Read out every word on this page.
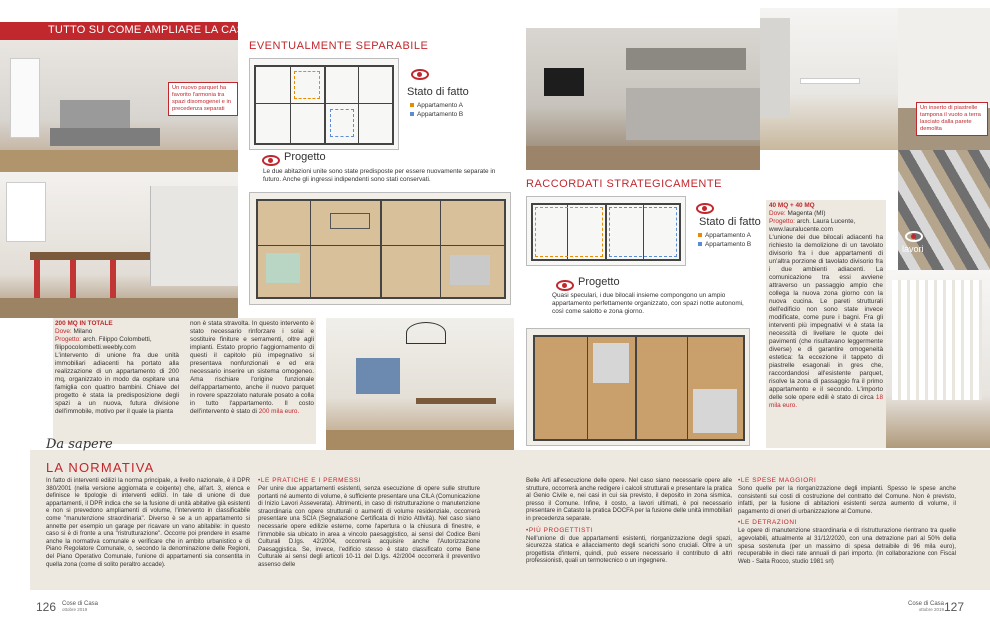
TUTTO SU COME AMPLIARE LA CASA
Un nuovo parquet ha favorito l'armonia tra spazi disomogenei e in precedenza separati
EVENTUALMENTE SEPARABILE
Stato di fatto
Appartamento A
Appartamento B
Progetto
Le due abitazioni unite sono state predisposte per essere nuovamente separate in futuro. Anche gli ingressi indipendenti sono stati conservati.
200 MQ IN TOTALE
Dove: Milano
Progetto: arch. Filippo Colombetti, filippocolombetti.weebly.com

L'intervento di unione fra due unità immobiliari adiacenti ha portato alla realizzazione di un appartamento di 200 mq, organizzato in modo da ospitare una famiglia con quattro bambini. Chiave del progetto è stata la predisposizione degli spazi a un nuova, futura divisione dell'immobile, motivo per il quale la pianta

non è stata stravolta. In questo intervento è stato necessario rinforzare i solai e sostituire finiture e serramenti, oltre agli impianti. Estato proprio l'aggiornamento di questi il capitolo più impegnativo si presentava nonfunzionali e ed era necessario inserire un sistema omogeneo. Ama rischiare l'origine funzionale dell'appartamento, anche il nuovo parquet in rovere spazzolato naturale posato a colla in tutto l'appartamento. Il costo dell'intervento è stato di 200 mila euro.

Un inserto di piastrelle tampona il vuoto a terra lasciato dalla parete demolita
lavori
RACCORDATI STRATEGICAMENTE
Stato di fatto
Appartamento A
Appartamento B
Progetto
Quasi speculari, i due bilocali insieme compongono un ampio appartamento perfettamente organizzato, con spazi notte autonomi, così come salotto e zona giorno.
40 MQ + 40 MQ
Dove: Magenta (MI)
Progetto: arch. Laura Lucente, www.lauralucente.com

L'unione dei due bilocali adiacenti ha richiesto la demolizione di un tavolato divisorio fra i due appartamenti di un'altra porzione di tavolato divisorio fra i due ambienti adiacenti. La comunicazione tra essi avviene attraverso un passaggio ampio che collega la nuova zona giorno con la nuova cucina. Le pareti strutturali dell'edificio non sono state invece modificate, come pure i bagni. Fra gli interventi più impegnativi vi è stata la necessità di livellare le quote dei pavimenti (che risultavano leggermente diverse) e di garantire omogeneità estetica: fa eccezione il tappeto di piastrelle esagonali in gres che, raccordandosi all'esistente parquet, risolve la zona di passaggio fra il primo appartamento e il secondo. L'importo delle sole opere edili è stato di circa 18 mila euro.

Da sapere
LA NORMATIVA

In fatto di interventi edilizi la norma principale, a livello nazionale, è il DPR 380/2001 (nella versione aggiornata e coigente) che, all'art. 3, elenca e definisce le tipologie di interventi edilizi. In tale di unione di due appartamenti, il DPR indica che se la fusione di unità abitative già esistenti e non si prevedono ampliamenti di volume, l'intervento in classificabile come "manutenzione straordinaria". Diverso è se a un appartamento si annette per esempio un garage per ricavare un vano abitabile: in questo caso si è di fronte a una "ristrutturazione". Occorre poi prendere in esame anche la normativa comunale e verificare che in ambito urbanistico e di Piano Regolatore Comunale, o, secondo la denominazione delle Regioni, del Piano Operativo Comunale, l'unione di appartamenti sia consentita in quella zona (come di solito peraltro accade).

•LE PRATICHE E I PERMESSI

Per unire due appartamenti esistenti, senza esecuzione di opere sulle strutture portanti né aumento di volume, è sufficiente presentare una CILA (Comunicazione di Inizio Lavori Asseverata). Altrimenti, in caso di ristrutturazione o manutenzione straordinaria con opere strutturali o aumenti di volume residenziale, occorrerà presentare una SCIA (Segnalazione Certificata di Inizio Attività). Nel caso siano necessarie opere edilizie esterne, come l'apertura o la chiusura di finestre, e l'immobile sia ubicato in area a vincolo paesaggistico, ai sensi del Codice Beni Culturali D.lgs. 42/2004, occorrerà acquisire anche l'Autorizzazione Paesaggistica. Se, invece, l'edificio stesso è stato classificato come Bene Culturale ai sensi degli articoli 10-11 del D.lgs. 42/2004 occorrerà il preventivo assenso delle

Belle Arti all'esecuzione delle opere. Nel caso siano necessarie opere alle strutture, occorrerà anche redigere i calcoli strutturali e presentare la pratica al Genio Civile e, nei casi in cui sia previsto, il deposito in zona sismica, presso il Comune. Infine, il costo, a lavori ultimati, è poi necessario presentare in Catasto la pratica DOCFA per la fusione delle unità immobiliari in precedenza separate.

•PIÙ PROGETTISTI

Nell'unione di due appartamenti esistenti, riorganizzazione degli spazi, sicurezza statica e allacciamento degli scarichi sono cruciali. Oltre a un progettista d'interni, quindi, può essere necessario il contributo di altri professionisti, quali un termotecnico o un ingegnere.

•LE SPESE MAGGIORI

Sono quelle per la riorganizzazione degli impianti. Spesso le spese anche consistenti sui costi di costruzione del contratto del Comune. Non è previsto, infatti, per la fusione di abitazioni esistenti senza aumento di volume, il pagamento di oneri di urbanizzazione al Comune.

•LE DETRAZIONI

Le opere di manutenzione straordinaria e di ristrutturazione rientrano tra quelle agevolabili, attualmente al 31/12/2020, con una detrazione pari al 50% della spesa sostenuta (per un massimo di spesa detraibile di 96 mila euro), recuperabile in dieci rate annuali di pari importo. (In collaborazione con Fiscal Web - Saita Rocco, studio 1981 srl)

126 Cose di Casa
ottobre 2019
Cose di Casa
ottobre 2019 127
